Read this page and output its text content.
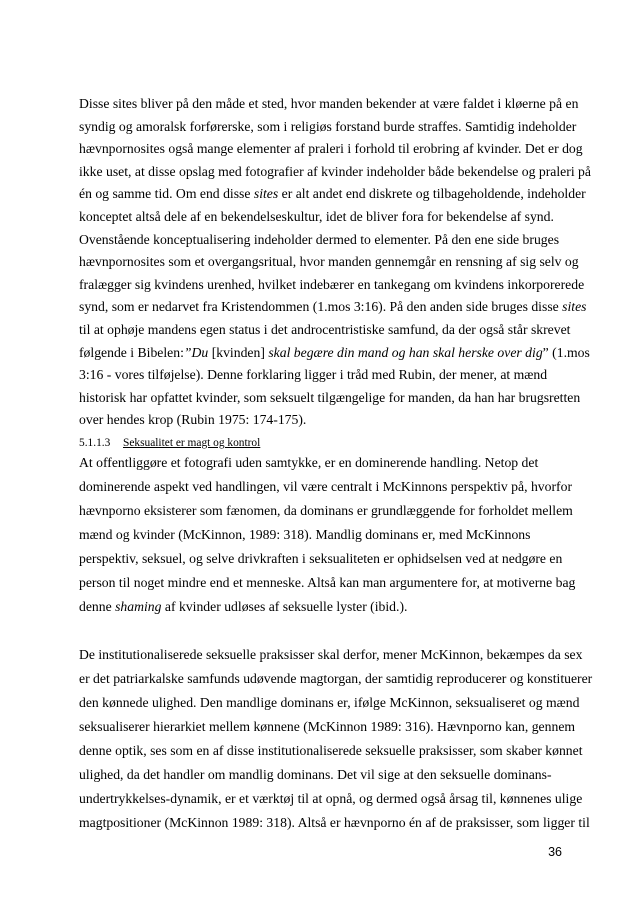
Disse sites bliver på den måde et sted, hvor manden bekender at være faldet i kløerne på en
syndig og amoralsk forførerske, som i religiøs forstand burde straffes. Samtidig indeholder
hævnpornosites også mange elementer af praleri i forhold til erobring af kvinder. Det er dog
ikke uset, at disse opslag med fotografier af kvinder indeholder både bekendelse og praleri på
én og samme tid. Om end disse sites er alt andet end diskrete og tilbageholdende, indeholder
konceptet altså dele af en bekendelseskultur, idet de bliver fora for bekendelse af synd.
Ovenstående konceptualisering indeholder dermed to elementer. På den ene side bruges
hævnpornosites som et overgangsritual, hvor manden gennemgår en rensning af sig selv og
fralægger sig kvindens urenhed, hvilket indebærer en tankegang om kvindens inkorporerede
synd, som er nedarvet fra Kristendommen (1.mos 3:16). På den anden side bruges disse sites
til at ophøje mandens egen status i det androcentristiske samfund, da der også står skrevet
følgende i Bibelen:”Du [kvinden] skal begære din mand og han skal herske over dig” (1.mos
3:16 - vores tilføjelse). Denne forklaring ligger i tråd med Rubin, der mener, at mænd
historisk har opfattet kvinder, som seksuelt tilgængelige for manden, da han har brugsretten
over hendes krop (Rubin 1975: 174-175).
5.1.1.3 Seksualitet er magt og kontrol
At offentliggøre et fotografi uden samtykke, er en dominerende handling. Netop det
dominerende aspekt ved handlingen, vil være centralt i McKinnons perspektiv på, hvorfor
hævnporno eksisterer som fænomen, da dominans er grundlæggende for forholdet mellem
mænd og kvinder (McKinnon, 1989: 318). Mandlig dominans er, med McKinnons
perspektiv, seksuel, og selve drivkraften i seksualiteten er ophidselsen ved at nedgøre en
person til noget mindre end et menneske. Altså kan man argumentere for, at motiverne bag
denne shaming af kvinder udløses af seksuelle lyster (ibid.).
De institutionaliserede seksuelle praksisser skal derfor, mener McKinnon, bekæmpes da sex
er det patriarkalske samfunds udøvende magtorgan, der samtidig reproducerer og konstituerer
den kønnede ulighed. Den mandlige dominans er, ifølge McKinnon, seksualiseret og mænd
seksualiserer hierarkiet mellem kønnene (McKinnon 1989: 316). Hævnporno kan, gennem
denne optik, ses som en af disse institutionaliserede seksuelle praksisser, som skaber kønnet
ulighed, da det handler om mandlig dominans. Det vil sige at den seksuelle dominans-
undertrykkelses-dynamik, er et værktøj til at opnå, og dermed også årsag til, kønnenes ulige
magtpositioner (McKinnon 1989: 318). Altså er hævnporno én af de praksisser, som ligger til
36
